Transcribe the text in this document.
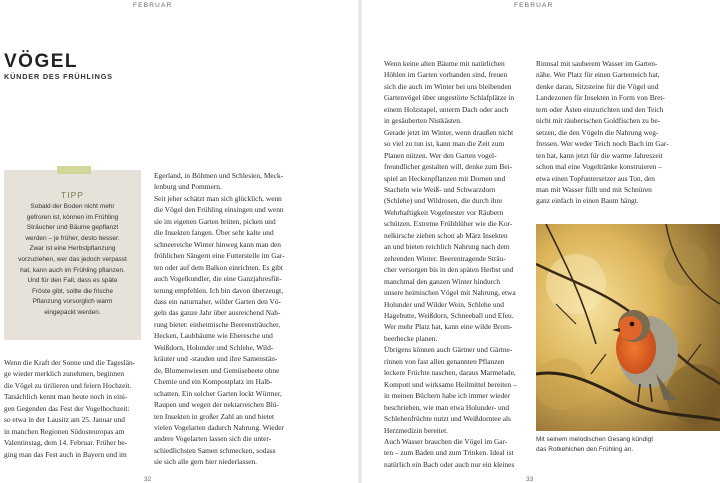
FEBRUAR

VÖGEL

KÜNDER DES FRÜHLINGS

TIPP

Sobald der Boden nicht mehr
gefroren ist, können im Frühling
Sträucher und Bäume gepflanzt
werden – je früher, desto besser.
Zwar ist eine Herbstpflanzung
vorzuziehen, wer das jedoch verpasst
hat, kann auch im Frühling pflanzen.
Und für den Fall, dass es späte
Fröste gibt, sollte die frische
Pflanzung vorsorglich warm
eingepackt werden.
Wenn die Kraft der Sonne und die Tageslän-
ge wieder merklich zunehmen, beginnen
die Vögel zu tirilieren und feiern Hochzeit.
Tatsächlich kennt man heute noch in eini-
gen Gegenden das Fest der Vogelhochzeit:
so etwa in der Lausitz am 25. Januar und
in manchen Regionen Südosteuropas am
Valentinstag, dem 14. Februar. Früher be-
ging man das Fest auch in Bayern und im
Egerland, in Böhmen und Schlesien, Meck-
lenburg und Pommern.
Seit jeher schätzt man sich glücklich, wenn
die Vögel den Frühling einsingen und wenn
sie im eigenen Garten brüten, picken und
die Insekten fangen. Über sehr kalte und
schneereiche Winter hinweg kann man den
fröhlichen Sängern eine Futterstelle im Gar-
ten oder auf dem Balkon einrichten. Es gibt
auch Vogelkundler, die eine Ganzjahresfüt-
terung empfehlen. Ich bin davon überzeugt,
dass ein naturnaher, wilder Garten den Vö-
geln das ganze Jahr über ausreichend Nah-
rung bietet: einheimische Beerensträucher,
Hecken, Laubbäume wie Eberesche und
Weißdorn, Holunder und Schlehe, Wild-
kräuter und -stauden und ihre Samenstän-
de, Blumenwiesen und Gemüsebeete ohne
Chemie und ein Kompostplatz im Halb-
schatten. Ein solcher Garten lockt Würmer,
Raupen und wegen der nektarreichen Blü-
ten Insekten in großer Zahl an und bietet
vielen Vogelarten dadurch Nahrung. Wieder
andere Vogelarten lassen sich die unter-
schiedlichsten Samen schmecken, sodass
sie sich alle gern hier niederlassen.

32

FEBRUAR

Wenn keine alten Bäume mit natürlichen
Höhlen im Garten vorhanden sind, freuen
sich die auch im Winter bei uns bleibenden
Gartenvögel über ungestörte Schlafplätze in
einem Holzstapel, unterm Dach oder auch
in gesäuberten Nistkästen.
Gerade jetzt im Winter, wenn draußen nicht
so viel zu tun ist, kann man die Zeit zum
Planen nützen. Wer den Garten vogel-
freundlicher gestalten will, denke zum Bei-
spiel an Heckenpflanzen mit Dornen und
Stacheln wie Weiß- und Schwarzdorn
(Schlehe) und Wildrosen, die durch ihre
Wehrhaftigkeit Vogelnester vor Räubern
schützen. Extreme Frühblüher wie die Kor-
nelkirsche ziehen schon ab März Insekten
an und bieten reichlich Nahrung nach dem
zehrenden Winter. Beerentragende Sträu-
cher versorgen bis in den späten Herbst und
manchmal den ganzen Winter hindurch
unsere heimischen Vögel mit Nahrung, etwa
Holunder und Wilder Wein, Schlehe und
Hagebutte, Weißdorn, Schneeball und Efeu.
Wer mehr Platz hat, kann eine wilde Brom-
beerhecke planen.
Übrigens können auch Gärtner und Gärtne-
rinnen von fast allen genannten Pflanzen
leckere Früchte naschen, daraus Marmelade,
Kompott und wirksame Heilmittel bereiten –
in meinen Büchern habe ich immer wieder
beschrieben, wie man etwa Holunder- und
Schlehenfrüchte nutzt und Weißdorntee als
Herzmedizin bereitet.
Auch Wasser brauchen die Vögel im Gar-
ten – zum Baden und zum Trinken. Ideal ist
natürlich ein Bach oder auch nur ein kleines
Rinnsal mit sauberem Wasser im Garten-
nähe. Wer Platz für einen Gartenteich hat,
denke daran, Sitzsteine für die Vögel und
Landezonen für Insekten in Form von Bret-
tern oder Ästen einzurichten und den Teich
nicht mit räuberischen Goldfischen zu be-
setzen, die den Vögeln die Nahrung weg-
fressen. Wer weder Teich noch Bach im Gar-
ten hat, kann jetzt für die warme Jahreszeit
schon mal eine Vogeltränke konstruieren –
etwa einen Topfuntersetzer aus Ton, den
man mit Wasser füllt und mit Schnüren
ganz einfach in einen Baum hängt.

33

Mit seinem melodischen Gesang kündigt
das Rotkehlchen den Frühling an.
